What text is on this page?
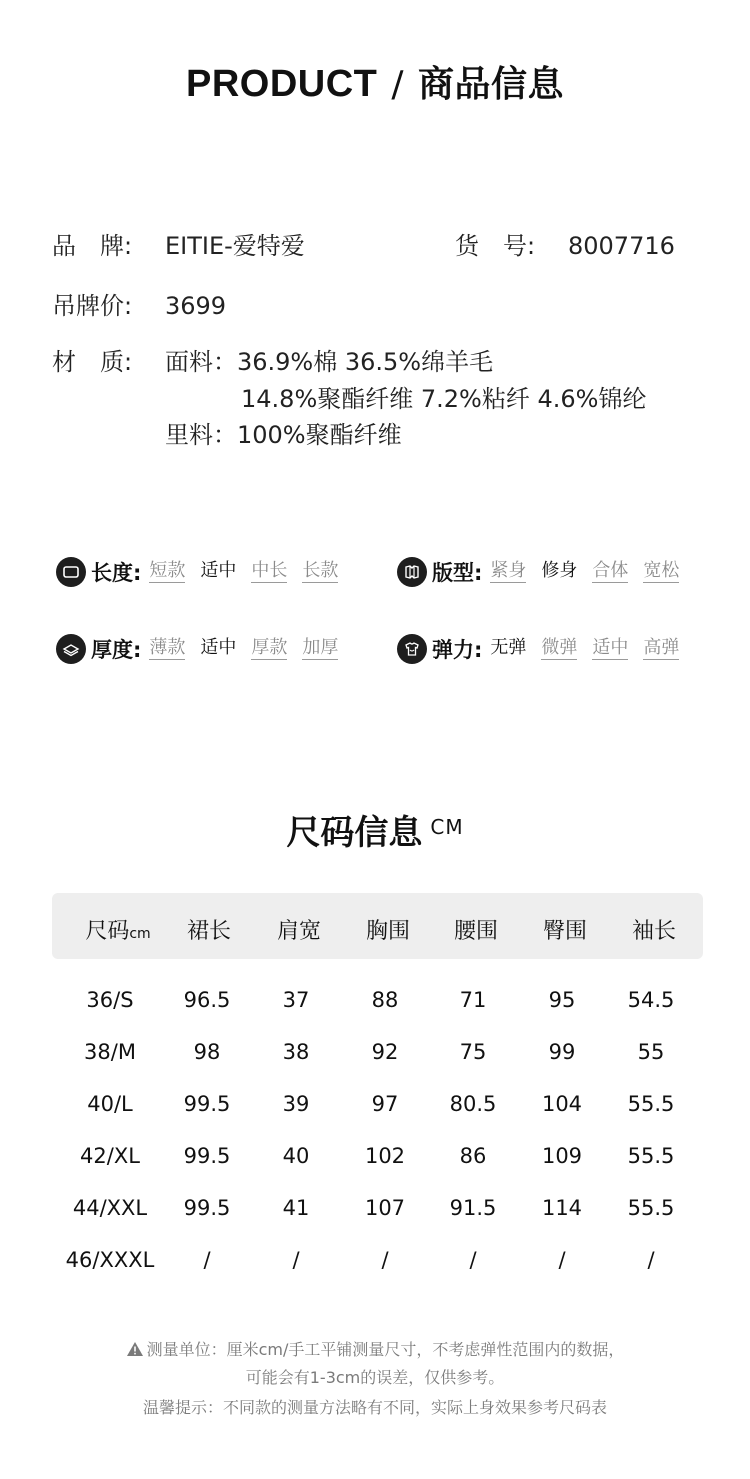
PRODUCT / 商品信息
品　牌: EITIE-爱特爱	货　号: 8007716
吊牌价: 3699
材　质:	面料：36.9%棉 36.5%绵羊毛
14.8%聚酯纤维 7.2%粘纤 4.6%锦纶
里料：100%聚酯纤维
长度: 短款 适中 中长 长款	版型: 紧身 修身 合体 宽松
厚度: 薄款 适中 厚款 加厚	弹力: 无弹 微弹 适中 高弹
尺码信息 $^{CM}$
尺码cm 裙长 肩宽 胸围 腰围 臀围 袖长
36/S 96.5 37	88	71	95 54.5
38/M	98	38	92	75	99	55
40/L 99.5 39	97 80.5 104 55.5
42/XL 99.5 40	102	86	109 55.5
44/XXL 99.5 41	107 91.5 114 55.5
46/XXXL /	/	/	/	/	/
测量单位：厘米cm/手工平铺测量尺寸，不考虑弹性范围内的数据，
可能会有1-3cm的误差，仅供参考。
温馨提示：不同款的测量方法略有不同，实际上身效果参考尺码表
